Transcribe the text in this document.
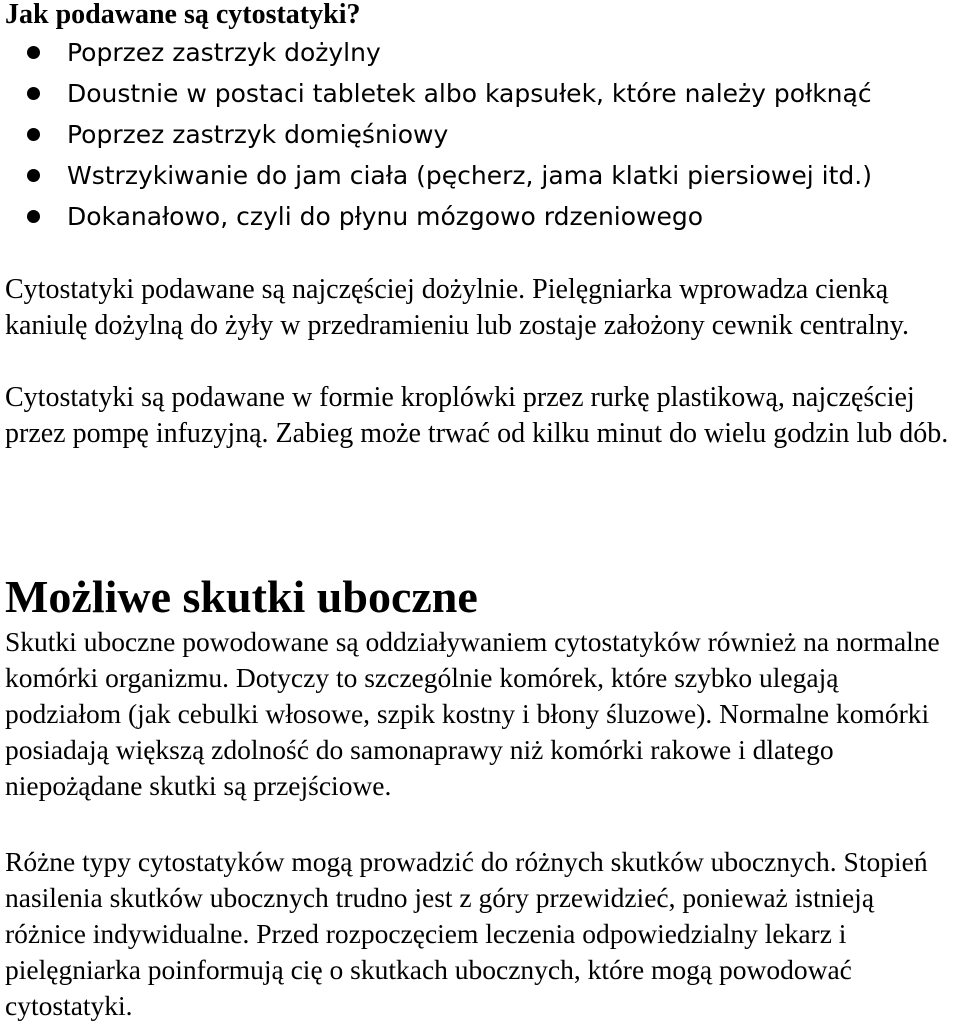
Jak podawane są cytostatyki?
Poprzez zastrzyk dożylny
Doustnie w postaci tabletek albo kapsułek, które należy połknąć
Poprzez zastrzyk domięśniowy
Wstrzykiwanie do jam ciała (pęcherz, jama klatki piersiowej itd.)
Dokanałowo, czyli do płynu mózgowo rdzeniowego

Cytostatyki podawane są najczęściej dożylnie. Pielęgniarka wprowadza cienką kaniulę dożylną do żyły w przedramieniu lub zostaje założony cewnik centralny.

Cytostatyki są podawane w formie kroplówki przez rurkę plastikową, najczęściej przez pompę infuzyjną. Zabieg może trwać od kilku minut do wielu godzin lub dób.

Możliwe skutki uboczne

Skutki uboczne powodowane są oddziaływaniem cytostatyków również na normalne komórki organizmu. Dotyczy to szczególnie komórek, które szybko ulegają podziałom (jak cebulki włosowe, szpik kostny i błony śluzowe). Normalne komórki posiadają większą zdolność do samonaprawy niż komórki rakowe i dlatego niepożądane skutki są przejściowe.

Różne typy cytostatyków mogą prowadzić do różnych skutków ubocznych. Stopień nasilenia skutków ubocznych trudno jest z góry przewidzieć, ponieważ istnieją różnice indywidualne. Przed rozpoczęciem leczenia odpowiedzialny lekarz i pielęgniarka poinformują cię o skutkach ubocznych, które mogą powodować cytostatyki.
